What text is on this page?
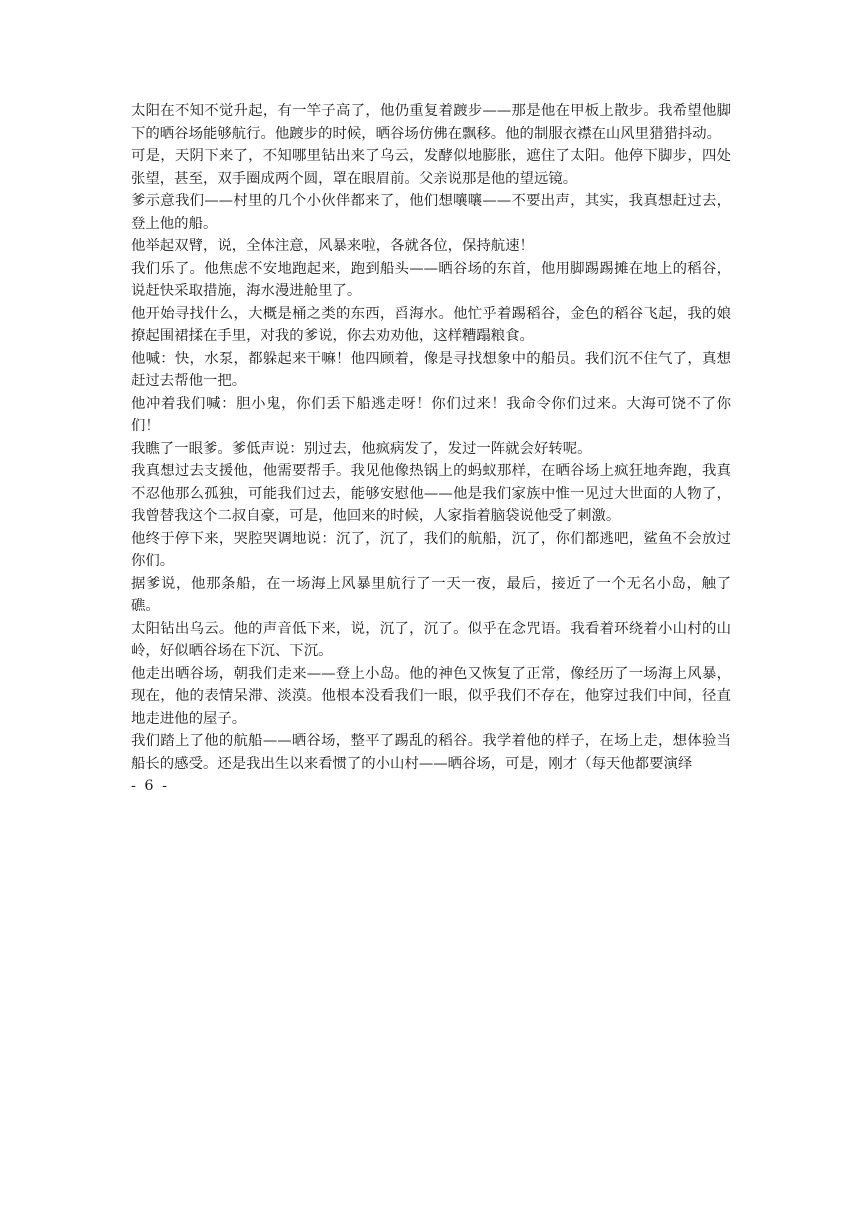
太阳在不知不觉升起，有一竿子高了，他仍重复着踱步——那是他在甲板上散步。我希望他脚下的晒谷场能够航行。他踱步的时候，晒谷场仿佛在飘移。他的制服衣襟在山风里猎猎抖动。

可是，天阴下来了，不知哪里钻出来了乌云，发酵似地膨胀，遮住了太阳。他停下脚步，四处张望，甚至，双手圈成两个圆，罩在眼眉前。父亲说那是他的望远镜。

爹示意我们——村里的几个小伙伴都来了，他们想嚷嚷——不要出声，其实，我真想赶过去，登上他的船。

他举起双臂，说，全体注意，风暴来啦，各就各位，保持航速！

我们乐了。他焦虑不安地跑起来，跑到船头——晒谷场的东首，他用脚踢踢摊在地上的稻谷，说赶快采取措施，海水漫进舱里了。

他开始寻找什么，大概是桶之类的东西，舀海水。他忙乎着踢稻谷，金色的稻谷飞起，我的娘撩起围裙揉在手里，对我的爹说，你去劝劝他，这样糟蹋粮食。

他喊：快，水泵，都躲起来干嘛！他四顾着，像是寻找想象中的船员。我们沉不住气了，真想赶过去帮他一把。

他冲着我们喊：胆小鬼，你们丢下船逃走呀！你们过来！我命令你们过来。大海可饶不了你们！

我瞧了一眼爹。爹低声说：别过去，他疯病发了，发过一阵就会好转呢。

我真想过去支援他，他需要帮手。我见他像热锅上的蚂蚁那样，在晒谷场上疯狂地奔跑，我真不忍他那么孤独，可能我们过去，能够安慰他——他是我们家族中惟一见过大世面的人物了，我曾替我这个二叔自豪，可是，他回来的时候，人家指着脑袋说他受了刺激。

他终于停下来，哭腔哭调地说：沉了，沉了，我们的航船，沉了，你们都逃吧，鲨鱼不会放过你们。

据爹说，他那条船，在一场海上风暴里航行了一天一夜，最后，接近了一个无名小岛，触了礁。

太阳钻出乌云。他的声音低下来，说，沉了，沉了。似乎在念咒语。我看着环绕着小山村的山岭，好似晒谷场在下沉、下沉。

他走出晒谷场，朝我们走来——登上小岛。他的神色又恢复了正常，像经历了一场海上风暴，现在，他的表情呆滞、淡漠。他根本没看我们一眼，似乎我们不存在，他穿过我们中间，径直地走进他的屋子。

我们踏上了他的航船——晒谷场，整平了踢乱的稻谷。我学着他的样子，在场上走，想体验当船长的感受。还是我出生以来看惯了的小山村——晒谷场，可是，刚才（每天他都要演绎

- 6 -
